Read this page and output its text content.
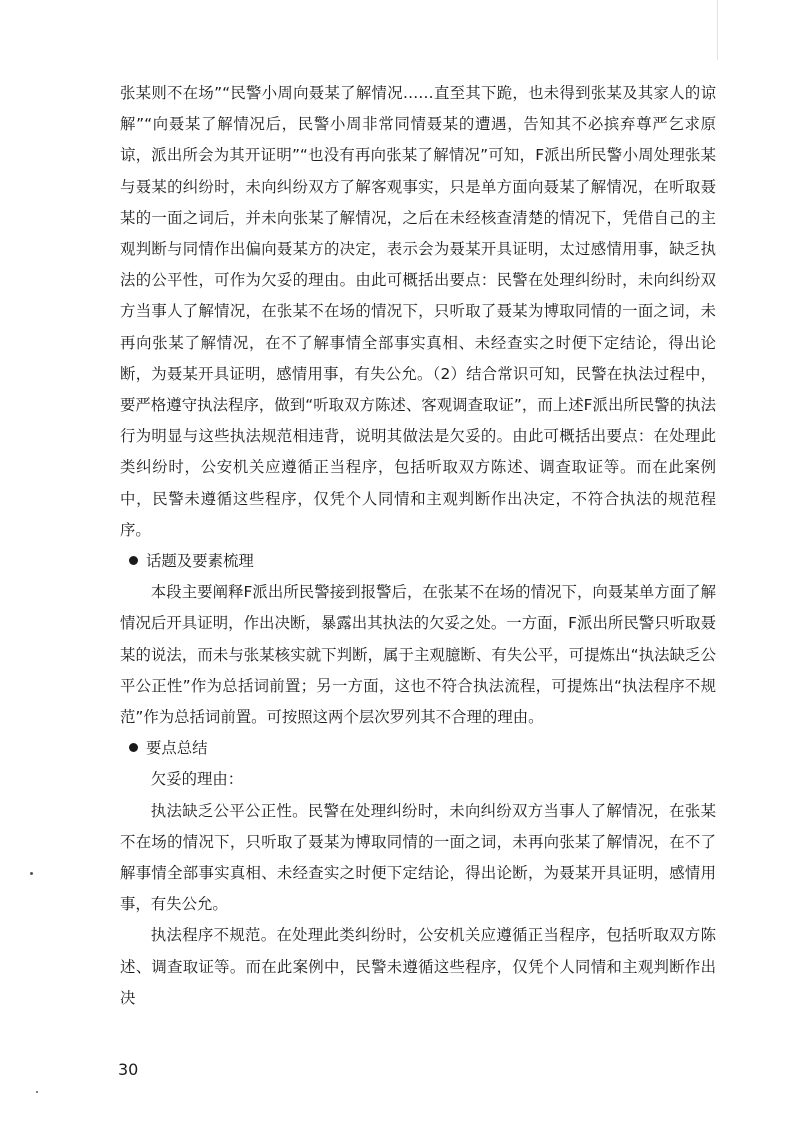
张某则不在场”“民警小周向聂某了解情况……直至其下跪，也未得到张某及其家人的谅解”“向聂某了解情况后，民警小周非常同情聂某的遭遇，告知其不必摈弃尊严乞求原谅，派出所会为其开证明”“也没有再向张某了解情况”可知，F派出所民警小周处理张某与聂某的纠纷时，未向纠纷双方了解客观事实，只是单方面向聂某了解情况，在听取聂某的一面之词后，并未向张某了解情况，之后在未经核查清楚的情况下，凭借自己的主观判断与同情作出偏向聂某方的决定，表示会为聂某开具证明，太过感情用事，缺乏执法的公平性，可作为欠妥的理由。由此可概括出要点：民警在处理纠纷时，未向纠纷双方当事人了解情况，在张某不在场的情况下，只听取了聂某为博取同情的一面之词，未再向张某了解情况，在不了解事情全部事实真相、未经查实之时便下定结论，得出论断，为聂某开具证明，感情用事，有失公允。（2）结合常识可知，民警在执法过程中，要严格遵守执法程序，做到“听取双方陈述、客观调查取证”，而上述F派出所民警的执法行为明显与这些执法规范相违背，说明其做法是欠妥的。由此可概括出要点：在处理此类纠纷时，公安机关应遵循正当程序，包括听取双方陈述、调查取证等。而在此案例中，民警未遵循这些程序，仅凭个人同情和主观判断作出决定，不符合执法的规范程序。

话题及要素梳理

本段主要阐释F派出所民警接到报警后，在张某不在场的情况下，向聂某单方面了解情况后开具证明，作出决断，暴露出其执法的欠妥之处。一方面，F派出所民警只听取聂某的说法，而未与张某核实就下判断，属于主观臆断、有失公平，可提炼出“执法缺乏公平公正性”作为总括词前置；另一方面，这也不符合执法流程，可提炼出“执法程序不规范”作为总括词前置。可按照这两个层次罗列其不合理的理由。

要点总结

欠妥的理由：

执法缺乏公平公正性。民警在处理纠纷时，未向纠纷双方当事人了解情况，在张某不在场的情况下，只听取了聂某为博取同情的一面之词，未再向张某了解情况，在不了解事情全部事实真相、未经查实之时便下定结论，得出论断，为聂某开具证明，感情用事，有失公允。

执法程序不规范。在处理此类纠纷时，公安机关应遵循正当程序，包括听取双方陈述、调查取证等。而在此案例中，民警未遵循这些程序，仅凭个人同情和主观判断作出决

30
